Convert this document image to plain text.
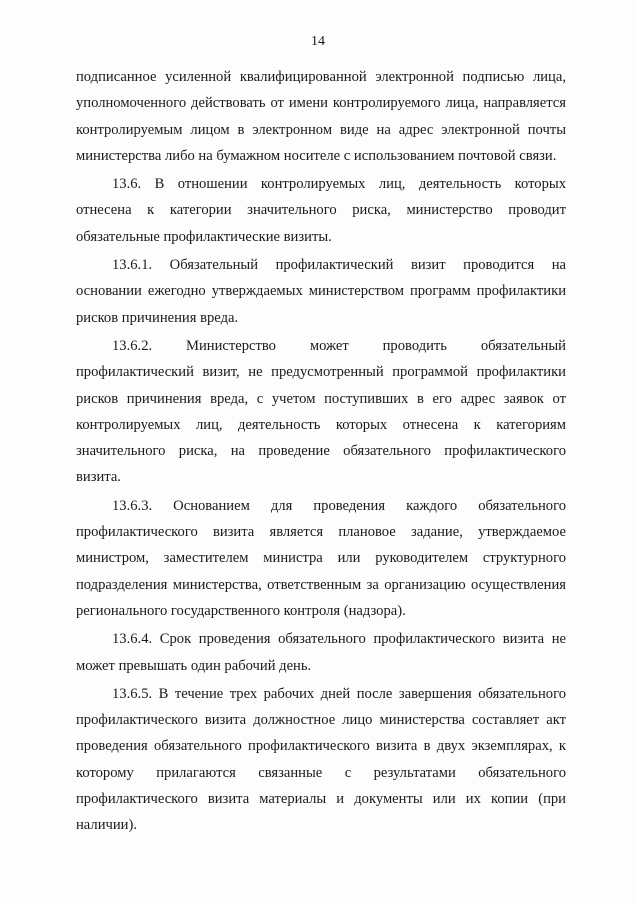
14

подписанное усиленной квалифицированной электронной подписью лица, уполномоченного действовать от имени контролируемого лица, направляется контролируемым лицом в электронном виде на адрес электронной почты министерства либо на бумажном носителе с использованием почтовой связи.

13.6. В отношении контролируемых лиц, деятельность которых отнесена к категории значительного риска, министерство проводит обязательные профилактические визиты.

13.6.1. Обязательный профилактический визит проводится на основании ежегодно утверждаемых министерством программ профилактики рисков причинения вреда.

13.6.2. Министерство может проводить обязательный профилактический визит, не предусмотренный программой профилактики рисков причинения вреда, с учетом поступивших в его адрес заявок от контролируемых лиц, деятельность которых отнесена к категориям значительного риска, на проведение обязательного профилактического визита.

13.6.3. Основанием для проведения каждого обязательного профилактического визита является плановое задание, утверждаемое министром, заместителем министра или руководителем структурного подразделения министерства, ответственным за организацию осуществления регионального государственного контроля (надзора).

13.6.4. Срок проведения обязательного профилактического визита не может превышать один рабочий день.

13.6.5. В течение трех рабочих дней после завершения обязательного профилактического визита должностное лицо министерства составляет акт проведения обязательного профилактического визита в двух экземплярах, к которому прилагаются связанные с результатами обязательного профилактического визита материалы и документы или их копии (при наличии).
